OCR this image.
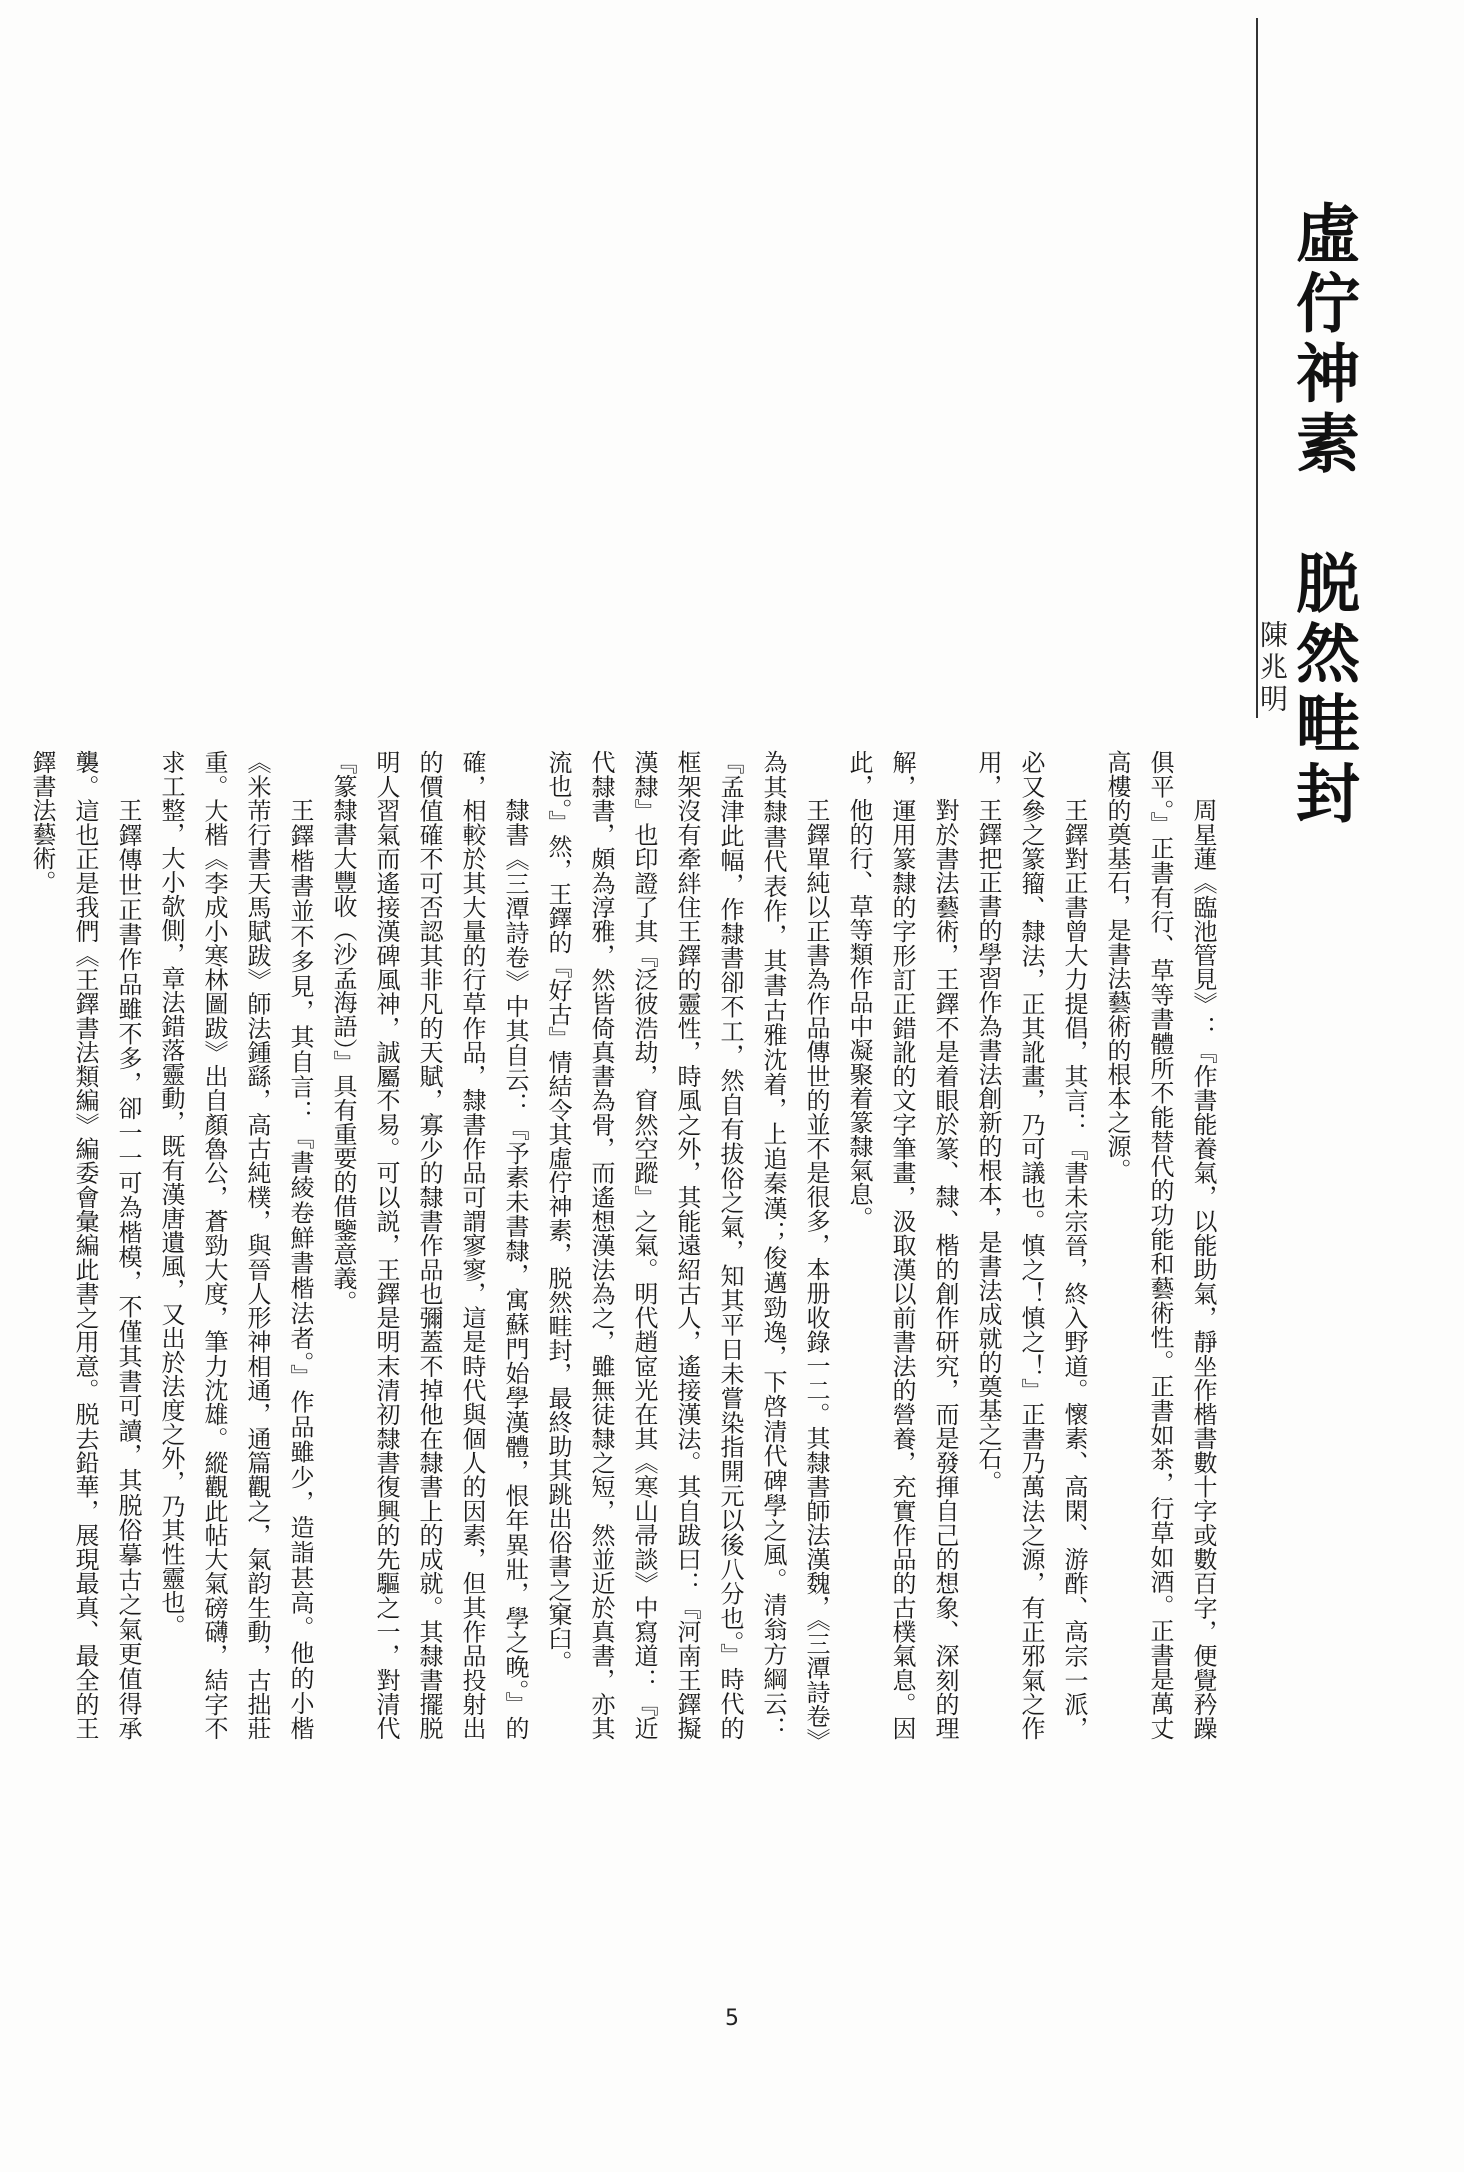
虛佇神素　脱然畦封
陳兆明

周星蓮《臨池管見》：『作書能養氣，以能助氣，靜坐作楷書數十字或數百字，便覺矜躁俱平。』正書有行、草等書體所不能替代的功能和藝術性。正書如茶，行草如酒。正書是萬丈高樓的奠基石，是書法藝術的根本之源。

王鐸對正書曾大力提倡，其言：『書未宗晉，終入野道。懷素、高閑、游酢、高宗一派，必又參之篆籀、隸法，正其訛畫，乃可議也。慎之！慎之！』正書乃萬法之源，有正邪氣之作用，王鐸把正書的學習作為書法創新的根本，是書法成就的奠基之石。

對於書法藝術，王鐸不是着眼於篆、隸、楷的創作研究，而是發揮自己的想象、深刻的理解，運用篆隸的字形訂正錯訛的文字筆畫，汲取漢以前書法的營養，充實作品的古樸氣息。因此，他的行、草等類作品中凝聚着篆隸氣息。

王鐸單純以正書為作品傳世的並不是很多，本册收錄一二。其隸書師法漢魏，《三潭詩卷》為其隸書代表作，其書古雅沈着，上追秦漢；俊邁勁逸，下啓清代碑學之風。清翁方綱云：『孟津此幅，作隸書卻不工，然自有拔俗之氣，知其平日未嘗染指開元以後八分也。』時代的框架沒有牽絆住王鐸的靈性，時風之外，其能遠紹古人，遙接漢法。其自跋曰：『河南王鐸擬漢隸』也印證了其『泛彼浩劫，窅然空蹤』之氣。明代趙宧光在其《寒山帚談》中寫道：『近代隸書，頗為淳雅，然皆倚真書為骨，而遙想漢法為之，雖無徒隸之短，然並近於真書，亦其流也。』然，王鐸的『好古』情結令其虛佇神素，脱然畦封，最終助其跳出俗書之窠臼。

隸書《三潭詩卷》中其自云：『予素未書隸，寓蘇門始學漢體，恨年異壯，學之晚。』的確，相較於其大量的行草作品，隸書作品可謂寥寥，這是時代與個人的因素，但其作品投射出的價值確不可否認其非凡的天賦，寡少的隸書作品也彌蓋不掉他在隸書上的成就。其隸書擺脱明人習氣而遙接漢碑風神，誠屬不易。可以説，王鐸是明末清初隸書復興的先驅之一，對清代『篆隸書大豐收（沙孟海語）』具有重要的借鑒意義。

王鐸楷書並不多見，其自言：『書綾卷鮮書楷法者。』作品雖少，造詣甚高。他的小楷《米芾行書天馬賦跋》師法鍾繇，高古純樸，與晉人形神相通，通篇觀之，氣韵生動，古拙莊重。大楷《李成小寒林圖跋》出自顏魯公，蒼勁大度，筆力沈雄。縱觀此帖大氣磅礴，結字不求工整，大小欹側，章法錯落靈動，既有漢唐遺風，又出於法度之外，乃其性靈也。

王鐸傳世正書作品雖不多，卻一一可為楷模，不僅其書可讀，其脱俗摹古之氣更值得承襲。這也正是我們《王鐸書法類編》編委會彙編此書之用意。脱去鉛華，展現最真、最全的王鐸書法藝術。

5
